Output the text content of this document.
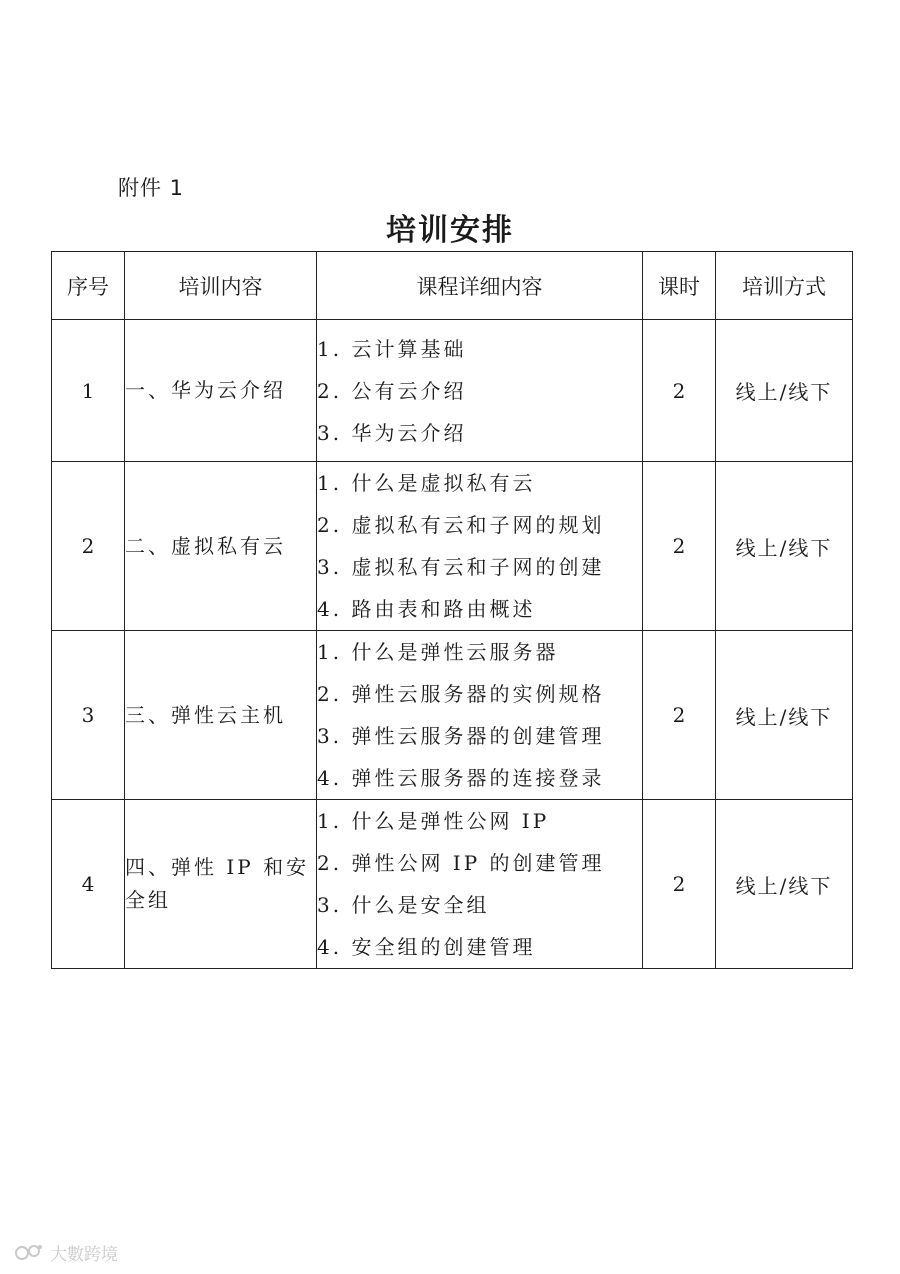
附件 1
培训安排
序号	培训内容	课程详细内容	课时	培训方式
1	一、华为云介绍	1. 云计算基础
2. 公有云介绍
3. 华为云介绍	2	线上/线下
2	二、虚拟私有云	1. 什么是虚拟私有云
2. 虚拟私有云和子网的规划
3. 虚拟私有云和子网的创建
4. 路由表和路由概述	2	线上/线下
3	三、弹性云主机	1. 什么是弹性云服务器
2. 弹性云服务器的实例规格
3. 弹性云服务器的创建管理
4. 弹性云服务器的连接登录	2	线上/线下
4	四、弹性 IP 和安全组	1. 什么是弹性公网 IP
2. 弹性公网 IP 的创建管理
3. 什么是安全组
4. 安全组的创建管理	2	线上/线下
大數跨境
